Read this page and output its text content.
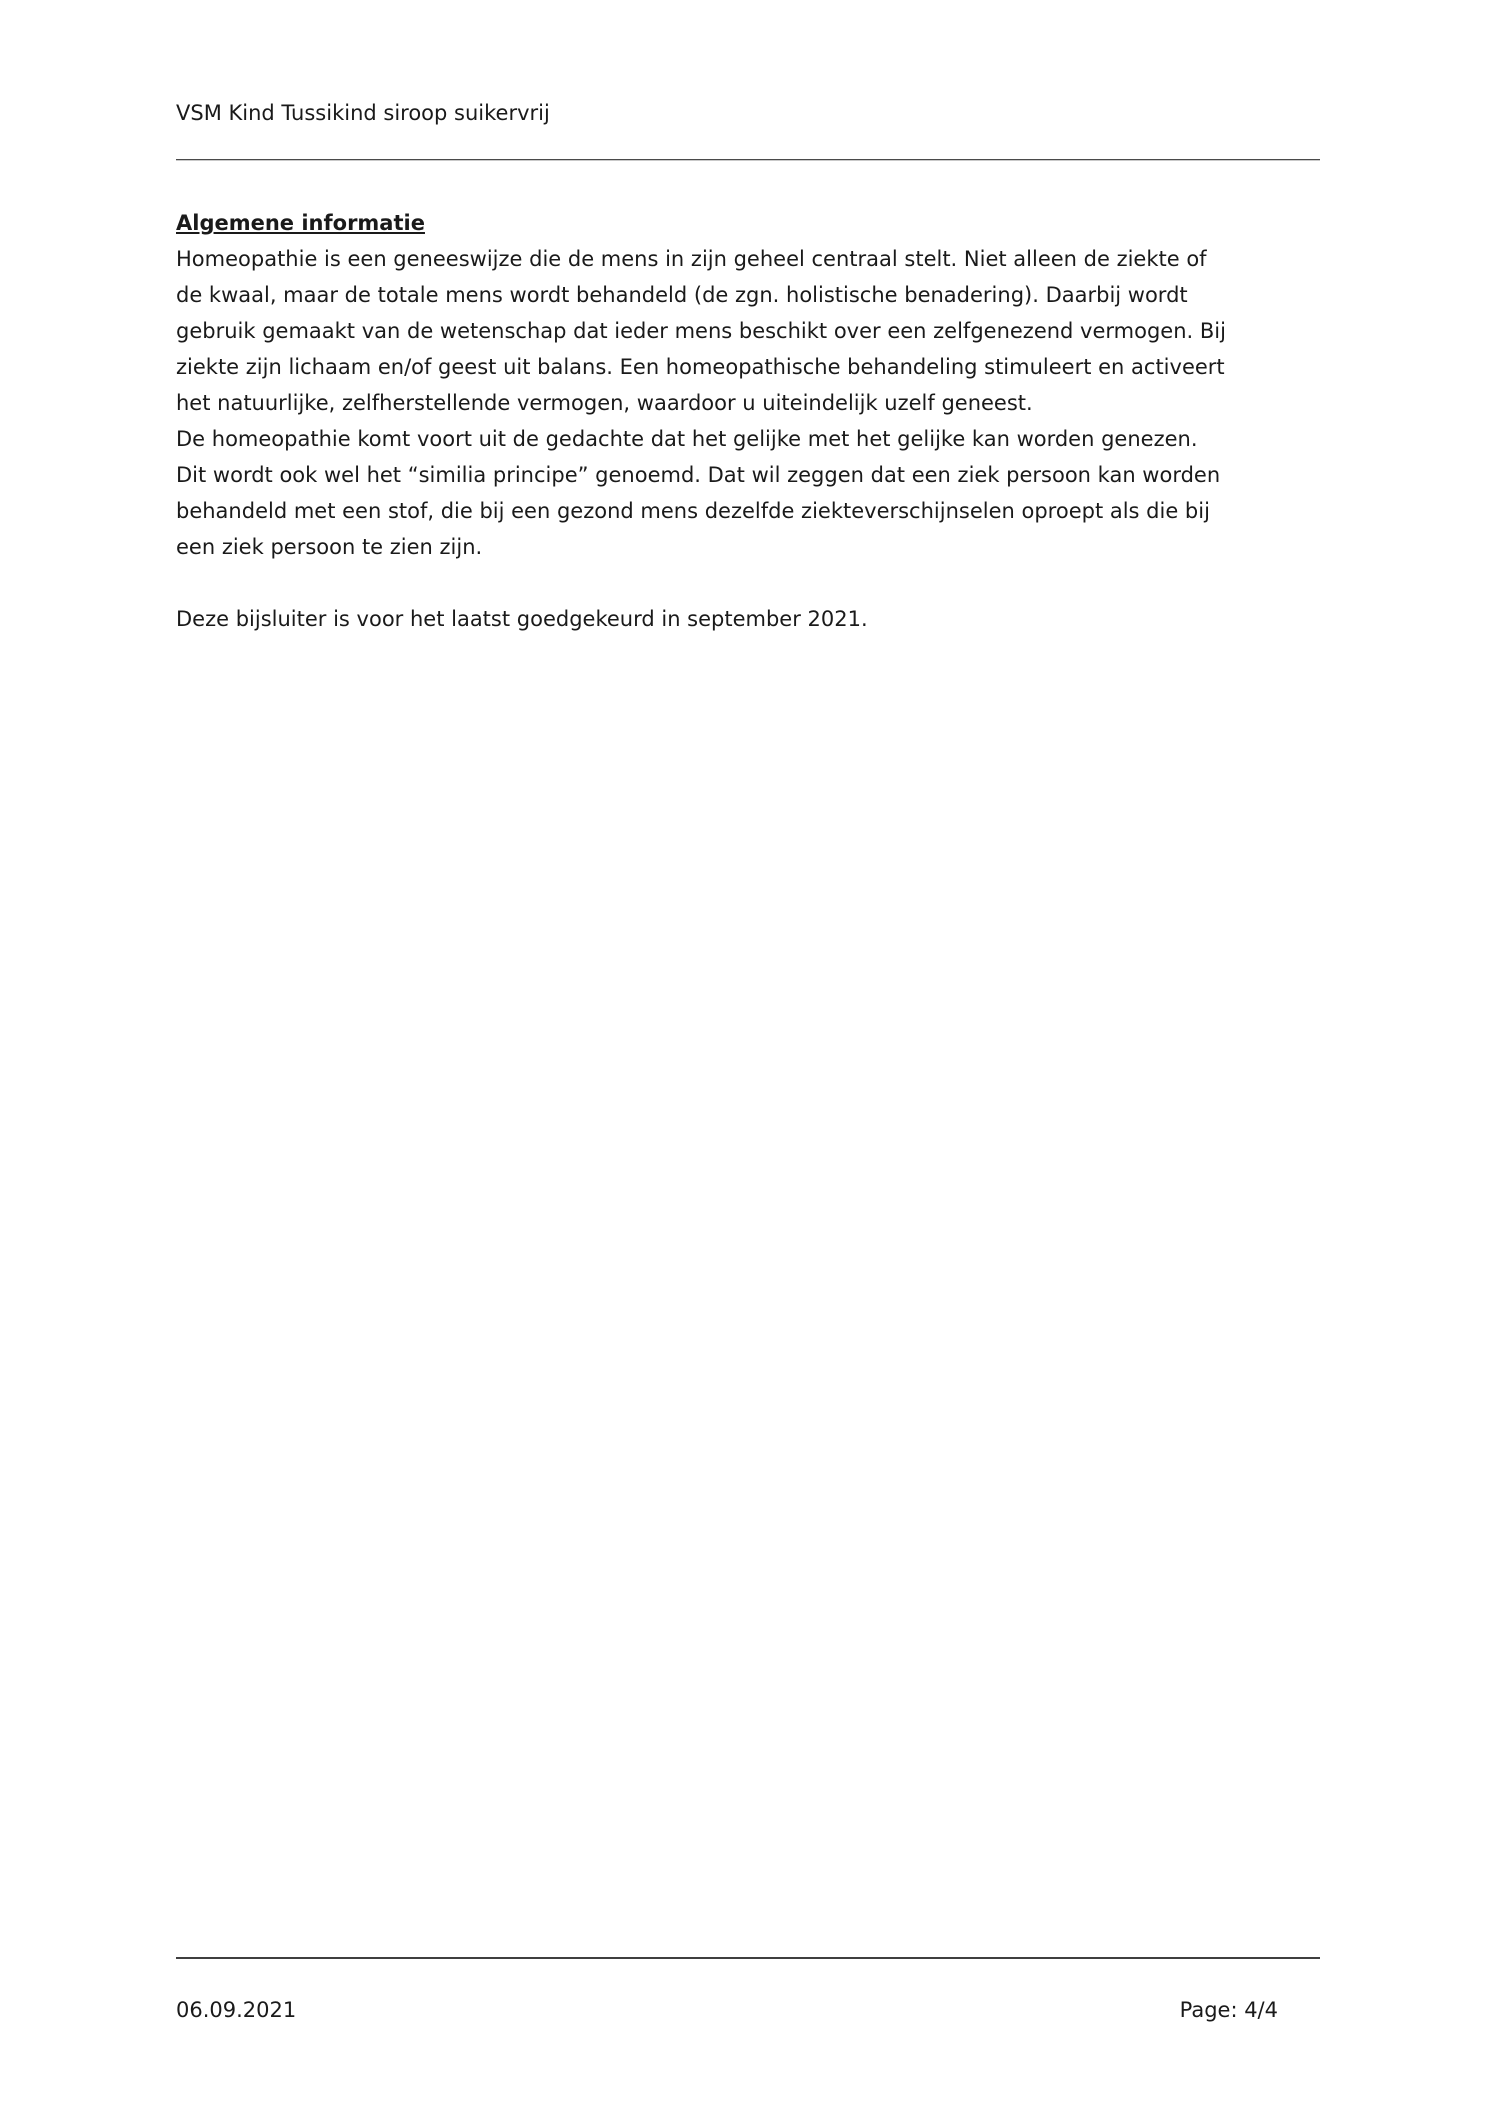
VSM Kind Tussikind siroop suikervrij
Algemene informatie
Homeopathie is een geneeswijze die de mens in zijn geheel centraal stelt. Niet alleen de ziekte of
de kwaal, maar de totale mens wordt behandeld (de zgn. holistische benadering). Daarbij wordt
gebruik gemaakt van de wetenschap dat ieder mens beschikt over een zelfgenezend vermogen. Bij
ziekte zijn lichaam en/of geest uit balans. Een homeopathische behandeling stimuleert en activeert
het natuurlijke, zelfherstellende vermogen, waardoor u uiteindelijk uzelf geneest.
De homeopathie komt voort uit de gedachte dat het gelijke met het gelijke kan worden genezen.
Dit wordt ook wel het “similia principe” genoemd. Dat wil zeggen dat een ziek persoon kan worden
behandeld met een stof, die bij een gezond mens dezelfde ziekteverschijnselen oproept als die bij
een ziek persoon te zien zijn.
Deze bijsluiter is voor het laatst goedgekeurd in september 2021.
06.09.2021	Page: 4/4
